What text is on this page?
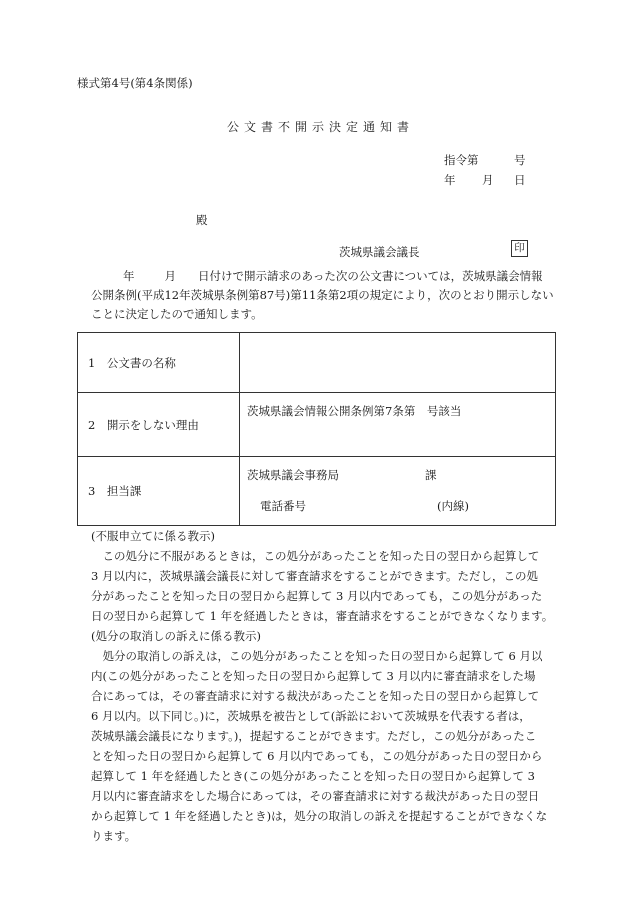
様式第4号(第4条関係)
公文書不開示決定通知書
指令第	号
年 月 日
殿
茨城県議会議長	印
年	月 日付けで開示請求のあった次の公文書については，茨城県議会情報
公開条例(平成12年茨城県条例第87号)第11条第2項の規定により，次のとおり開示しない
ことに決定したので通知します。
1　公文書の名称	
2　開示をしない理由	茨城県議会情報公開条例第7条第　号該当

3　担当課	茨城県議会事務局 課
電話番号 (内線)
(不服申立てに係る教示)
　この処分に不服があるときは，この処分があったことを知った日の翌日から起算して
3 月以内に，茨城県議会議長に対して審査請求をすることができます。ただし，この処
分があったことを知った日の翌日から起算して 3 月以内であっても，この処分があった
日の翌日から起算して 1 年を経過したときは，審査請求をすることができなくなります。
(処分の取消しの訴えに係る教示)
　処分の取消しの訴えは，この処分があったことを知った日の翌日から起算して 6 月以
内(この処分があったことを知った日の翌日から起算して 3 月以内に審査請求をした場
合にあっては，その審査請求に対する裁決があったことを知った日の翌日から起算して
6 月以内。以下同じ。)に，茨城県を被告として(訴訟において茨城県を代表する者は，
茨城県議会議長になります。)，提起することができます。ただし，この処分があったこ
とを知った日の翌日から起算して 6 月以内であっても，この処分があった日の翌日から
起算して 1 年を経過したとき(この処分があったことを知った日の翌日から起算して 3
月以内に審査請求をした場合にあっては，その審査請求に対する裁決があった日の翌日
から起算して 1 年を経過したとき)は，処分の取消しの訴えを提起することができなくな
ります。
